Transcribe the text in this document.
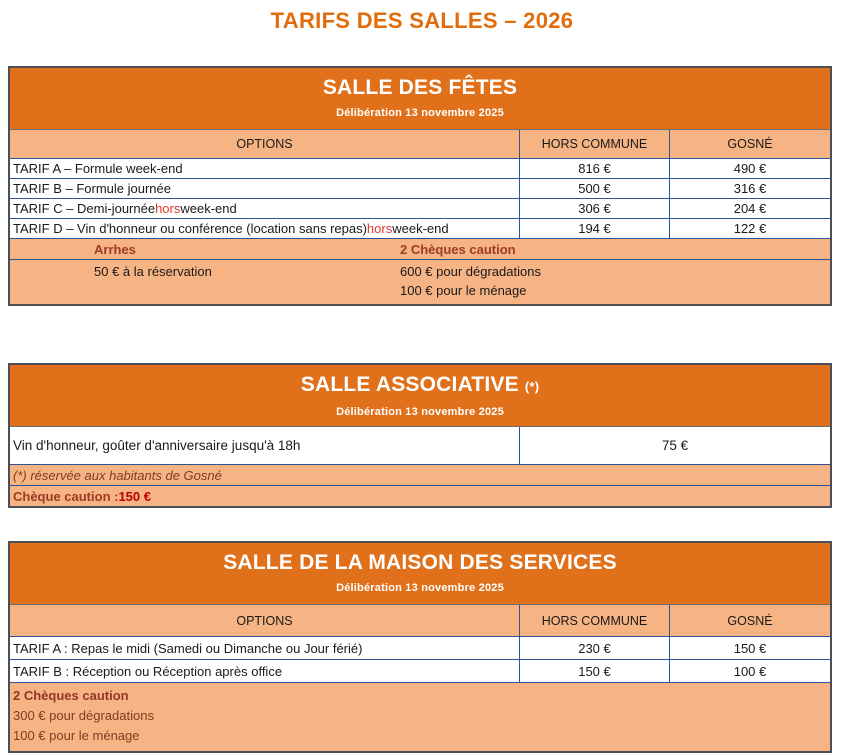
TARIFS DES SALLES – 2026
SALLE DES FÊTES
Délibération 13 novembre 2025
OPTIONS	HORS COMMUNE	GOSNÉ
TARIF A – Formule week-end	816 €	490 €
TARIF B – Formule journée	500 €	316 €
TARIF C – Demi-journée hors week-end	306 €	204 €
TARIF D – Vin d'honneur ou conférence (location sans repas) hors week-end	194 €	122 €
Arrhes	2 Chèques caution
50 € à la réservation	600 € pour dégradations
100 € pour le ménage
SALLE ASSOCIATIVE (*)
Délibération 13 novembre 2025
Vin d'honneur, goûter d'anniversaire jusqu'à 18h	75 €
(*) réservée aux habitants de Gosné
Chèque caution : 150 €
SALLE DE LA MAISON DES SERVICES
Délibération 13 novembre 2025
OPTIONS	HORS COMMUNE	GOSNÉ
TARIF A : Repas le midi (Samedi ou Dimanche ou Jour férié)	230 €	150 €
TARIF B : Réception ou Réception après office	150 €	100 €
2 Chèques caution
300 € pour dégradations
100 € pour le ménage
